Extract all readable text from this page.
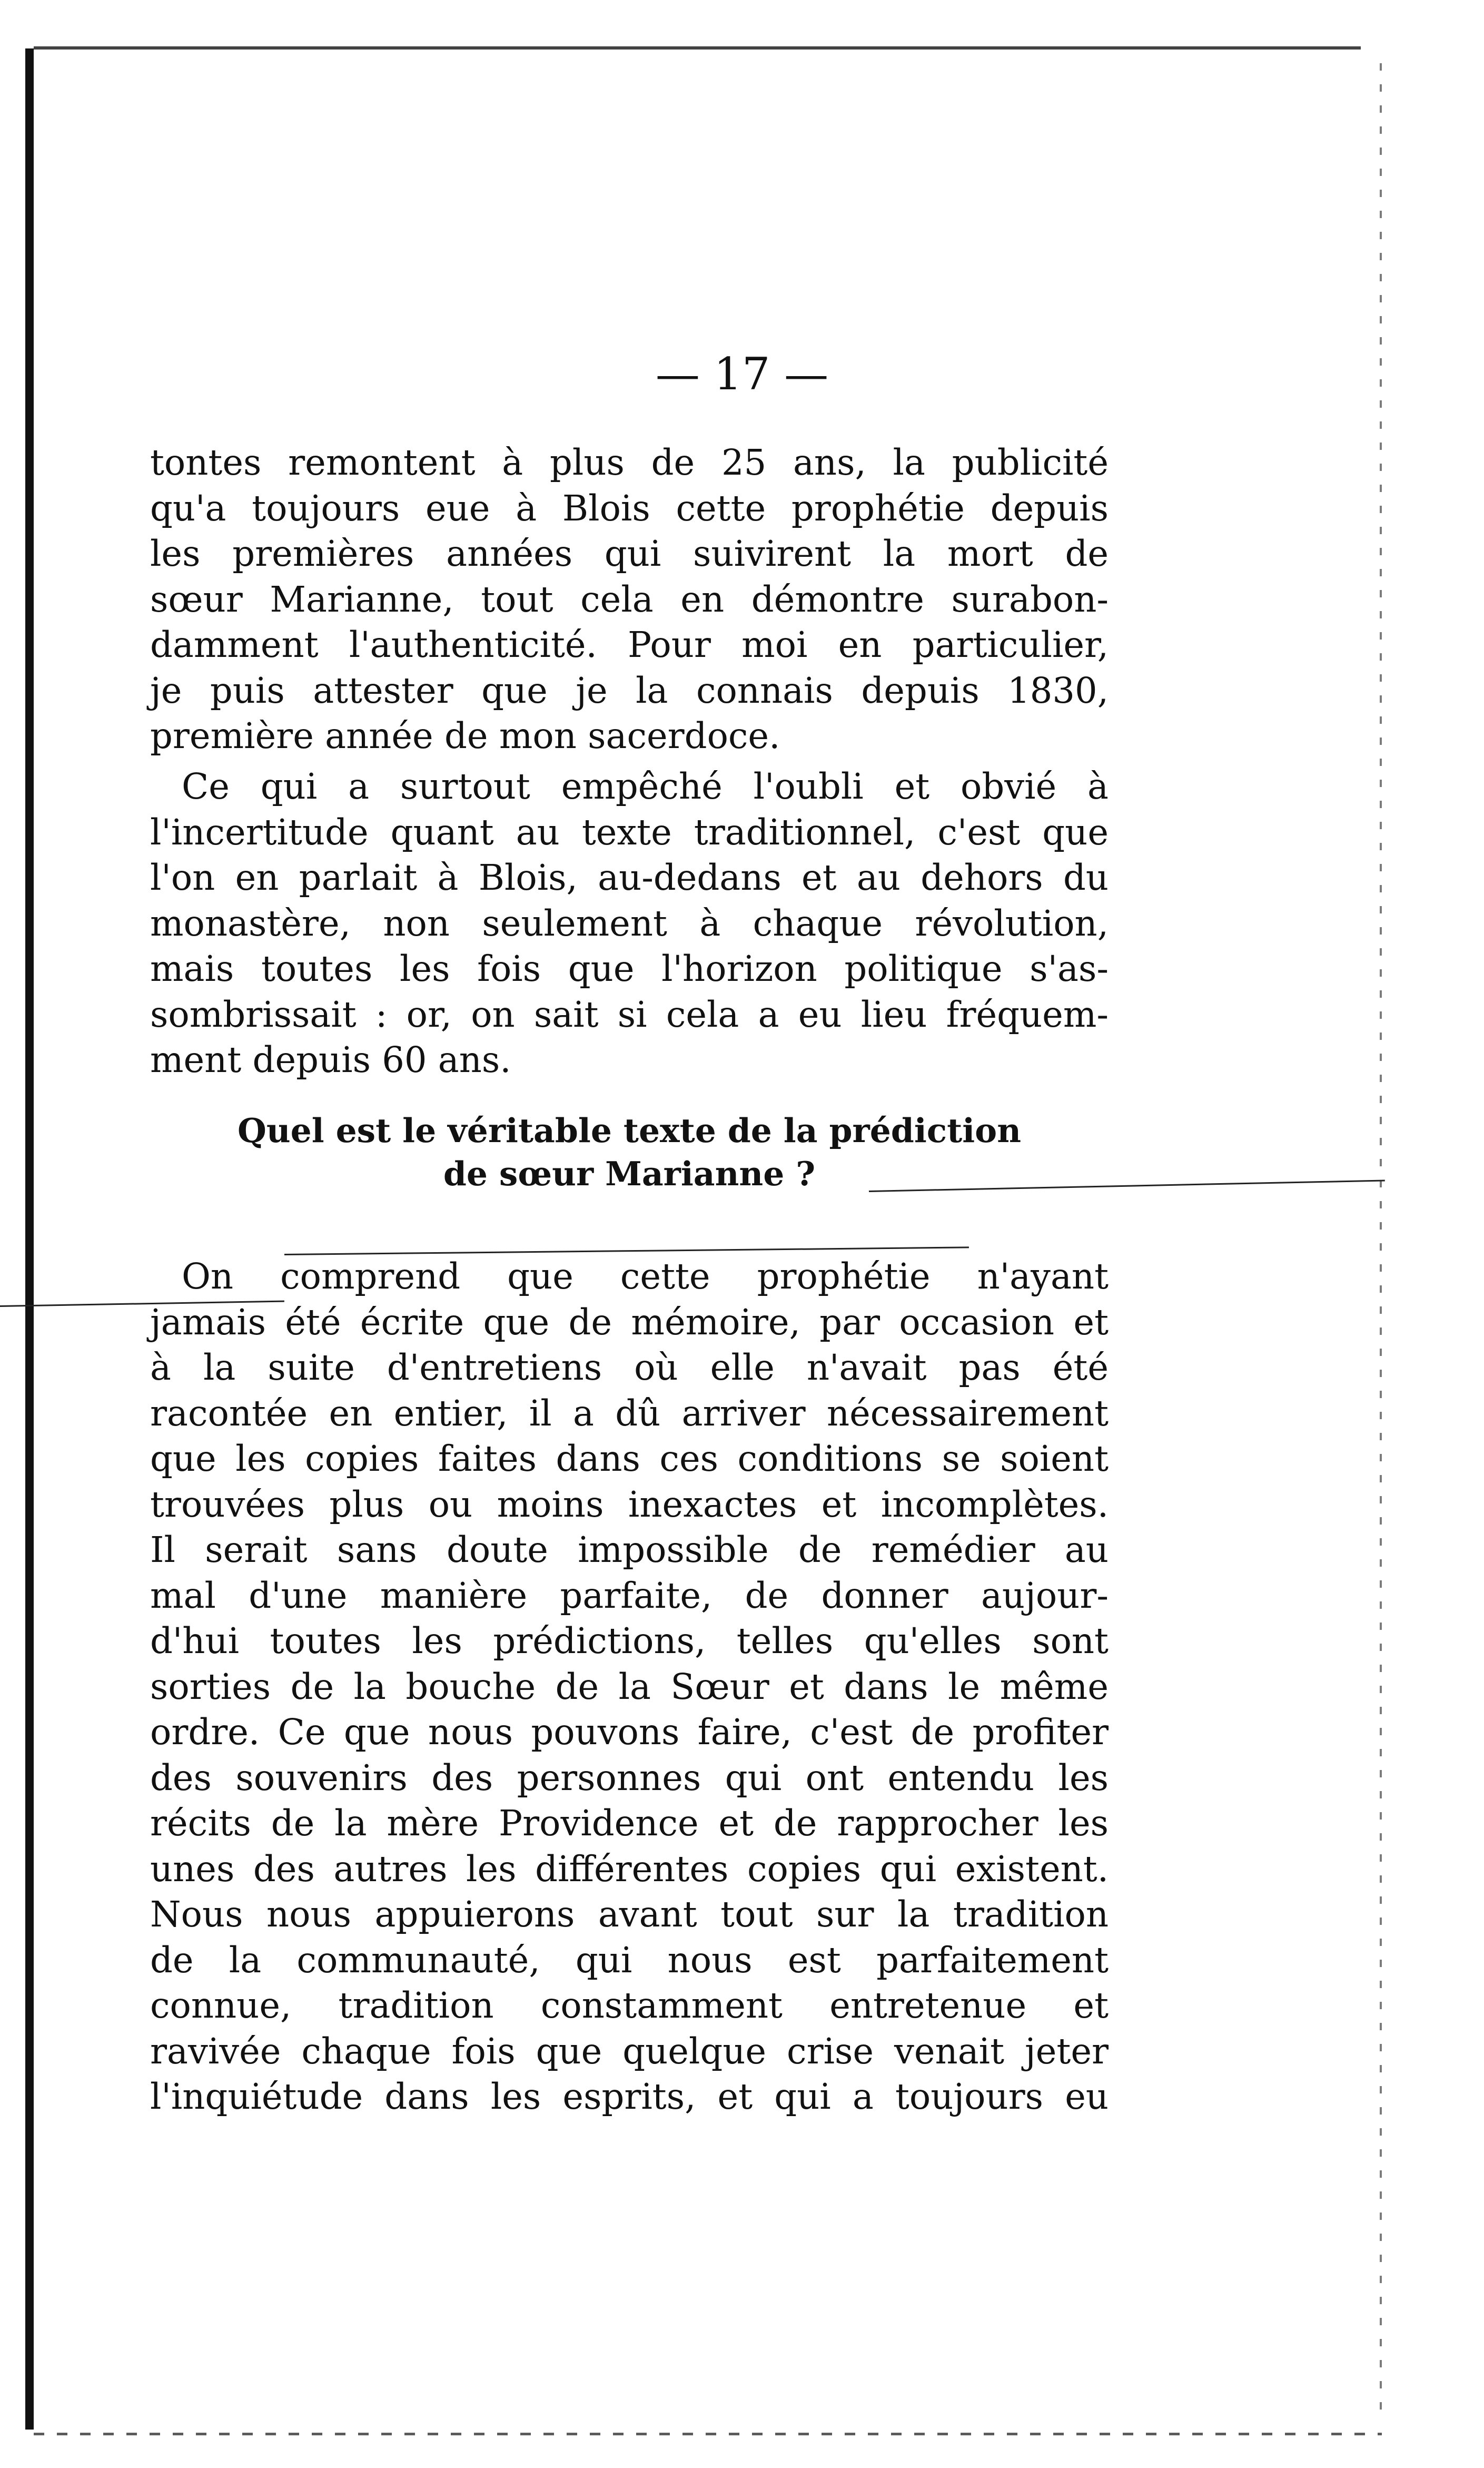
— 17 —
tontes remontent à plus de 25 ans, la publicité
qu'a toujours eue à Blois cette prophétie depuis
les premières années qui suivirent la mort de
sœur Marianne, tout cela en démontre surabon-
damment l'authenticité. Pour moi en particulier,
je puis attester que je la connais depuis 1830,
première année de mon sacerdoce.
Ce qui a surtout empêché l'oubli et obvié à
l'incertitude quant au texte traditionnel, c'est que
l'on en parlait à Blois, au-dedans et au dehors du
monastère, non seulement à chaque révolution,
mais toutes les fois que l'horizon politique s'as-
sombrissait : or, on sait si cela a eu lieu fréquem-
ment depuis 60 ans.
Quel est le véritable texte de la prédiction
de sœur Marianne ?
On comprend que cette prophétie n'ayant
jamais été écrite que de mémoire, par occasion et
à la suite d'entretiens où elle n'avait pas été
racontée en entier, il a dû arriver nécessairement
que les copies faites dans ces conditions se soient
trouvées plus ou moins inexactes et incomplètes.
Il serait sans doute impossible de remédier au
mal d'une manière parfaite, de donner aujour-
d'hui toutes les prédictions, telles qu'elles sont
sorties de la bouche de la Sœur et dans le même
ordre. Ce que nous pouvons faire, c'est de profiter
des souvenirs des personnes qui ont entendu les
récits de la mère Providence et de rapprocher les
unes des autres les différentes copies qui existent.
Nous nous appuierons avant tout sur la tradition
de la communauté, qui nous est parfaitement
connue, tradition constamment entretenue et
ravivée chaque fois que quelque crise venait jeter
l'inquiétude dans les esprits, et qui a toujours eu
